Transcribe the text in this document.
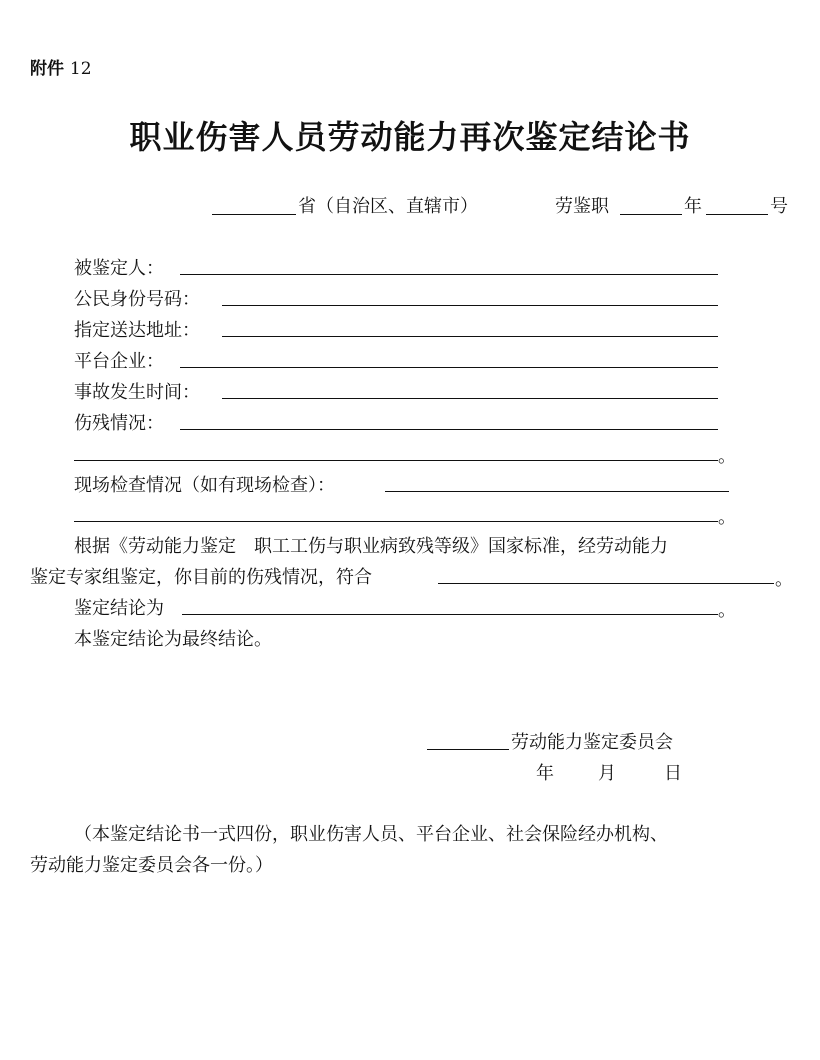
附件 12
职业伤害人员劳动能力再次鉴定结论书
省（自治区、直辖市）	劳鉴职	年	号
被鉴定人：
公民身份号码：
指定送达地址：
平台企业：
事故发生时间：
伤残情况：
。
现场检查情况（如有现场检查）：
。
根据《劳动能力鉴定　职工工伤与职业病致残等级》国家标准，经劳动能力
鉴定专家组鉴定，你目前的伤残情况，符合	。
鉴定结论为	。
本鉴定结论为最终结论。
劳动能力鉴定委员会
年 月	日
（本鉴定结论书一式四份，职业伤害人员、平台企业、社会保险经办机构、
劳动能力鉴定委员会各一份。）
